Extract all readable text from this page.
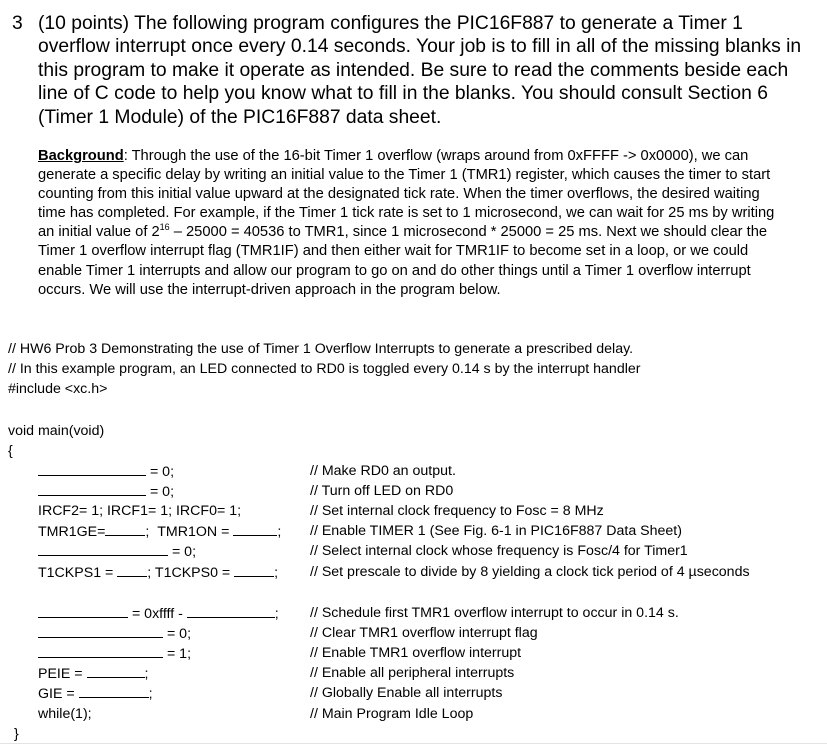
3 (10 points) The following program configures the PIC16F887 to generate a Timer 1 overflow interrupt once every 0.14 seconds. Your job is to fill in all of the missing blanks in this program to make it operate as intended. Be sure to read the comments beside each line of C code to help you know what to fill in the blanks. You should consult Section 6 (Timer 1 Module) of the PIC16F887 data sheet.
Background: Through the use of the 16-bit Timer 1 overflow (wraps around from 0xFFFF -> 0x0000), we can generate a specific delay by writing an initial value to the Timer 1 (TMR1) register, which causes the timer to start counting from this initial value upward at the designated tick rate. When the timer overflows, the desired waiting time has completed. For example, if the Timer 1 tick rate is set to 1 microsecond, we can wait for 25 ms by writing an initial value of $2^{16} - 25000 = 40536$ to TMR1, since 1 microsecond * 25000 = 25 ms. Next we should clear the Timer 1 overflow interrupt flag (TMR1IF) and then either wait for TMR1IF to become set in a loop, or we could enable Timer 1 interrupts and allow our program to go on and do other things until a Timer 1 overflow interrupt occurs. We will use the interrupt-driven approach in the program below.
// HW6 Prob 3 Demonstrating the use of Timer 1 Overflow Interrupts to generate a prescribed delay.
// In this example program, an LED connected to RD0 is toggled every 0.14 s by the interrupt handler
#include <xc.h>
void main(void)
{
= 0;	// Make RD0 an output.
= 0;	// Turn off LED on RD0
IRCF2= 1; IRCF1= 1; IRCF0= 1;	// Set internal clock frequency to Fosc = 8 MHz
TMR1GE=	; TMR1ON =	; // Enable TIMER 1 (See Fig. 6-1 in PIC16F887 Data Sheet)
= 0;	// Select internal clock whose frequency is Fosc/4 for Timer1
T1CKPS1 = ; T1CKPS0 =	; // Set prescale to divide by 8 yielding a clock tick period of 4 µseconds
= 0xffff -	; // Schedule first TMR1 overflow interrupt to occur in 0.14 s.
= 0;	// Clear TMR1 overflow interrupt flag
= 1;	// Enable TMR1 overflow interrupt
PEIE =	;	// Enable all peripheral interrupts
GIE =	;	// Globally Enable all interrupts
while(1);	// Main Program Idle Loop
}
